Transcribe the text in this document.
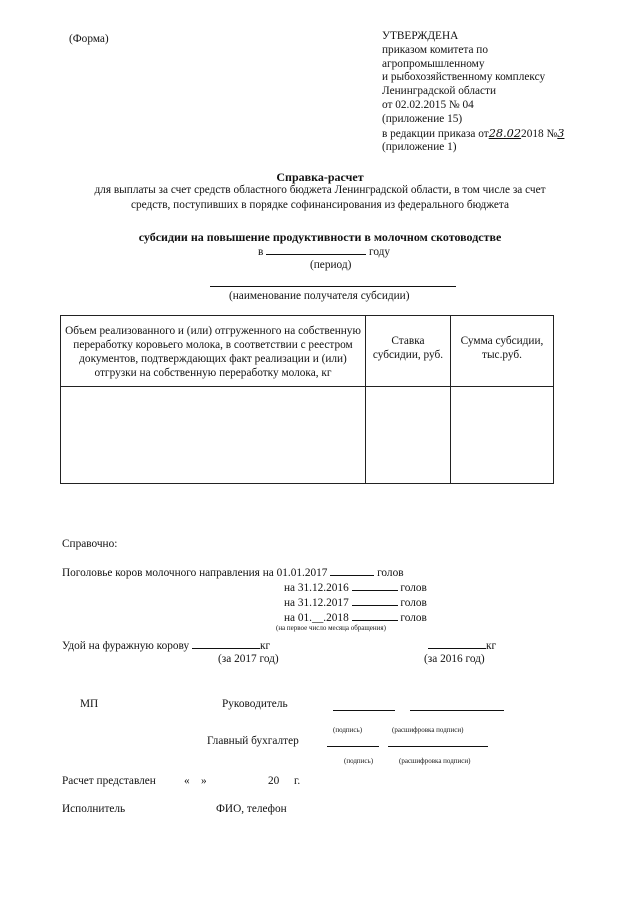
(Форма)	УТВЕРЖДЕНА
приказом комитета по
агропромышленному
и рыбохозяйственному комплексу
Ленинградской области
от 02.02.2015 № 04
(приложение 15)
в редакции приказа от28.022018 №3
(приложение 1)
Справка-расчет
для выплаты за счет средств областного бюджета Ленинградской области, в том числе за счет
средств, поступивших в порядке софинансирования из федерального бюджета
субсидии на повышение продуктивности в молочном скотоводстве
в	году
(период)
(наименование получателя субсидии)
Объем реализованного и (или) отгруженного на собственную переработку коровьего молока, в соответствии с реестром документов, подтверждающих факт реализации и (или) отгрузки на собственную переработку молока, кг	Ставка субсидии, руб.	Сумма субсидии, тыс.руб.

Справочно:
Поголовье коров молочного направления на 01.01.2017	голов
на 31.12.2016	голов
на 31.12.2017	голов
на 01.__.2018	голов
(на первое число месяца обращения)
Удой на фуражную корову	кг	кг
(за 2017 год)	(за 2016 год)
МП	Руководитель
(подпись)	(расшифровка подписи)
Главный бухгалтер
(подпись)	(расшифровка подписи)
Расчет представлен « »	20 г.
Исполнитель	ФИО, телефон
